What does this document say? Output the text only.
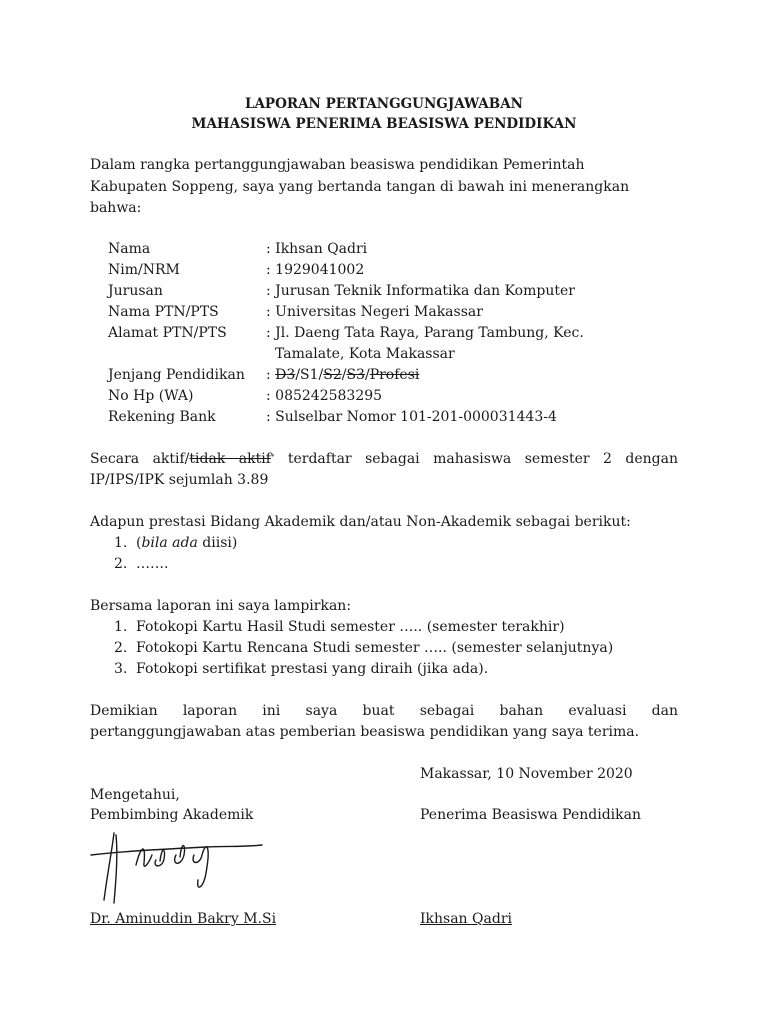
LAPORAN PERTANGGUNGJAWABAN
MAHASISWA PENERIMA BEASISWA PENDIDIKAN
Dalam rangka pertanggungjawaban beasiswa pendidikan Pemerintah
Kabupaten Soppeng, saya yang bertanda tangan di bawah ini menerangkan
bahwa:
Nama	: Ikhsan Qadri
Nim/NRM	: 1929041002
Jurusan	: Jurusan Teknik Informatika dan Komputer
Nama PTN/PTS	: Universitas Negeri Makassar
Alamat PTN/PTS	: Jl. Daeng Tata Raya, Parang Tambung, Kec.
Tamalate, Kota Makassar
Jenjang Pendidikan : D3/S1/S2/S3/Profesi
No Hp (WA)	: 085242583295
Rekening Bank	: Sulselbar Nomor 101-201-000031443-4
Secara aktif/tidak aktif* terdaftar sebagai mahasiswa semester 2 dengan
IP/IPS/IPK sejumlah 3.89
Adapun prestasi Bidang Akademik dan/atau Non-Akademik sebagai berikut:
1. (bila ada diisi)
2. …….
Bersama laporan ini saya lampirkan:
1. Fotokopi Kartu Hasil Studi semester ….. (semester terakhir)
2. Fotokopi Kartu Rencana Studi semester ….. (semester selanjutnya)
3. Fotokopi sertifikat prestasi yang diraih (jika ada).
Demikian laporan ini saya buat sebagai bahan evaluasi dan
pertanggungjawaban atas pemberian beasiswa pendidikan yang saya terima.
Makassar, 10 November 2020
Mengetahui,
Pembimbing Akademik	Penerima Beasiswa Pendidikan
Dr. Aminuddin Bakry M.Si	Ikhsan Qadri
